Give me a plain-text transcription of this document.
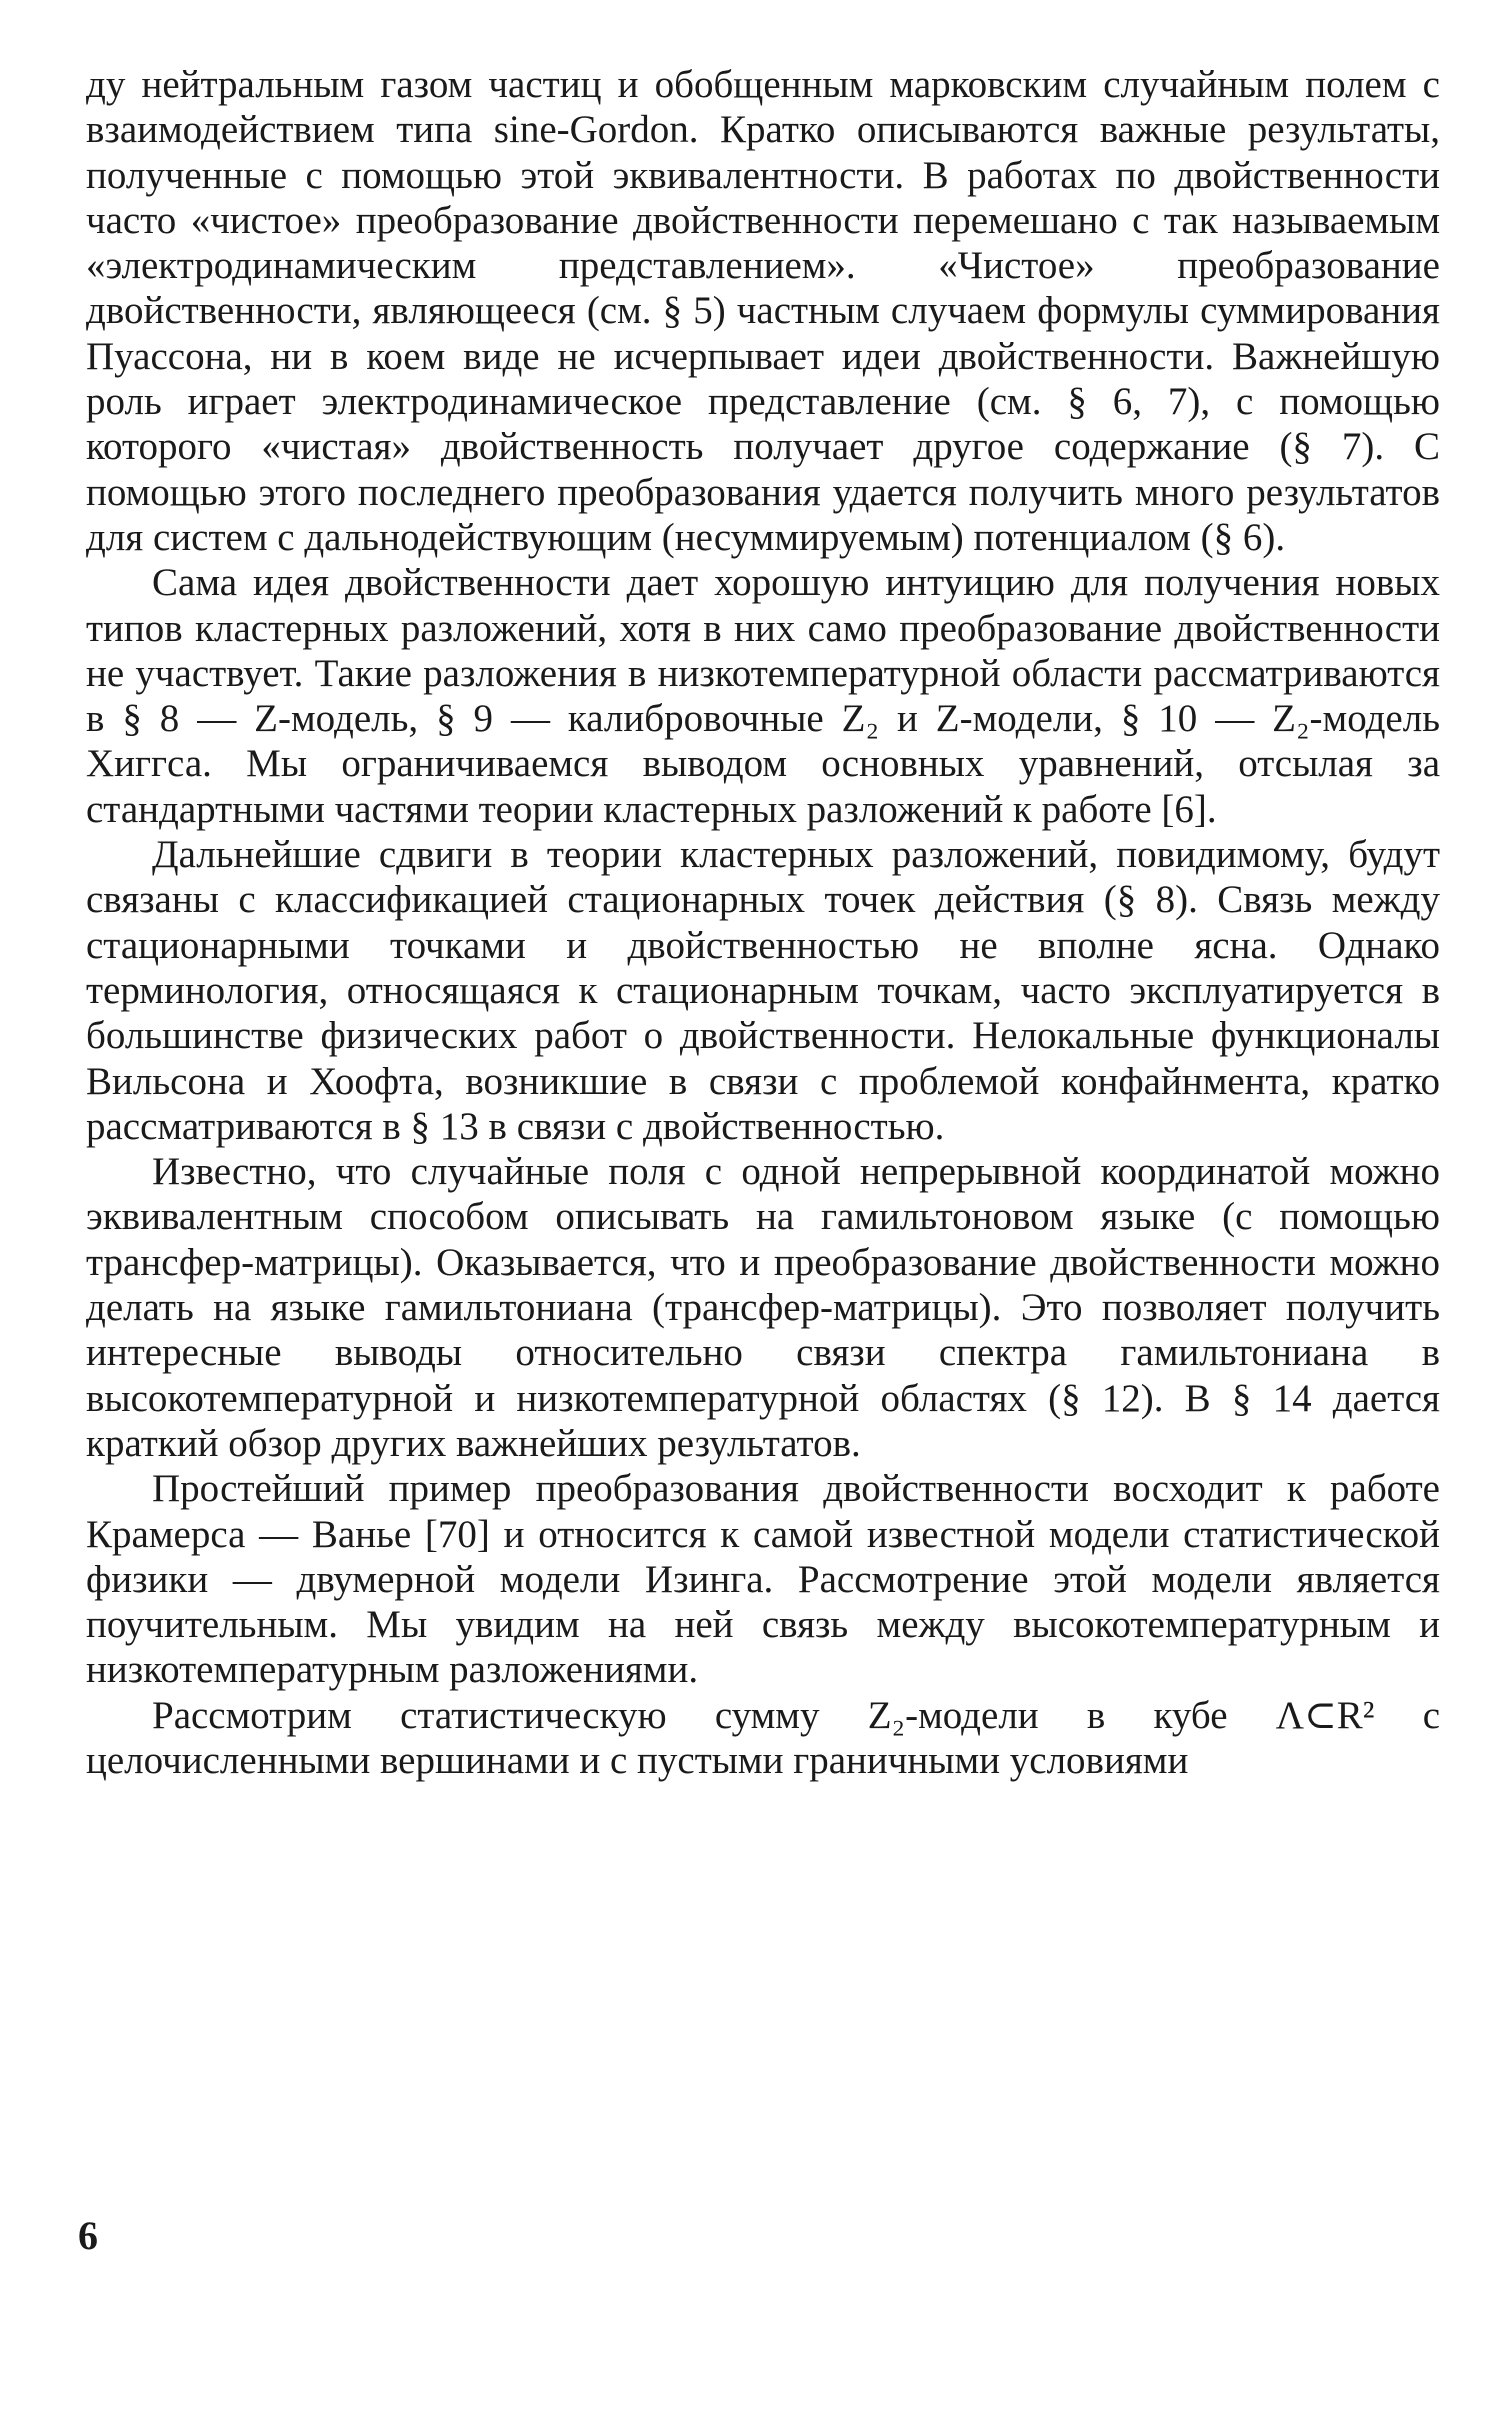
ду нейтральным газом частиц и обобщенным марковским случайным полем с взаимодействием типа sine-Gordon. Кратко описываются важные результаты, полученные с помощью этой эквивалентности. В работах по двойственности часто «чистое» преобразование двойственности перемешано с так называемым «электродинамическим представлением». «Чистое» преобразование двойственности, являющееся (см. § 5) частным случаем формулы суммирования Пуассона, ни в коем виде не исчерпывает идеи двойственности. Важнейшую роль играет электродинамическое представление (см. § 6, 7), с помощью которого «чистая» двойственность получает другое содержание (§ 7). С помощью этого последнего преобразования удается получить много результатов для систем с дальнодействующим (несуммируемым) потенциалом (§ 6).

Сама идея двойственности дает хорошую интуицию для получения новых типов кластерных разложений, хотя в них само преобразование двойственности не участвует. Такие разложения в низкотемпературной области рассматриваются в § 8 — Z-модель, § 9 — калибровочные Z₂ и Z-модели, § 10 — Z₂-модель Хиггса. Мы ограничиваемся выводом основных уравнений, отсылая за стандартными частями теории кластерных разложений к работе [6].

Дальнейшие сдвиги в теории кластерных разложений, повидимому, будут связаны с классификацией стационарных точек действия (§ 8). Связь между стационарными точками и двойственностью не вполне ясна. Однако терминология, относящаяся к стационарным точкам, часто эксплуатируется в большинстве физических работ о двойственности. Нелокальные функционалы Вильсона и Хоофта, возникшие в связи с проблемой конфайнмента, кратко рассматриваются в § 13 в связи с двойственностью.

Известно, что случайные поля с одной непрерывной координатой можно эквивалентным способом описывать на гамильтоновом языке (с помощью трансфер-матрицы). Оказывается, что и преобразование двойственности можно делать на языке гамильтониана (трансфер-матрицы). Это позволяет получить интересные выводы относительно связи спектра гамильтониана в высокотемпературной и низкотемпературной областях (§ 12). В § 14 дается краткий обзор других важнейших результатов.

Простейший пример преобразования двойственности восходит к работе Крамерса — Ванье [70] и относится к самой известной модели статистической физики — двумерной модели Изинга. Рассмотрение этой модели является поучительным. Мы увидим на ней связь между высокотемпературным и низкотемпературным разложениями.

Рассмотрим статистическую сумму Z₂-модели в кубе Λ⊂R² с целочисленными вершинами и с пустыми граничными условиями

6
